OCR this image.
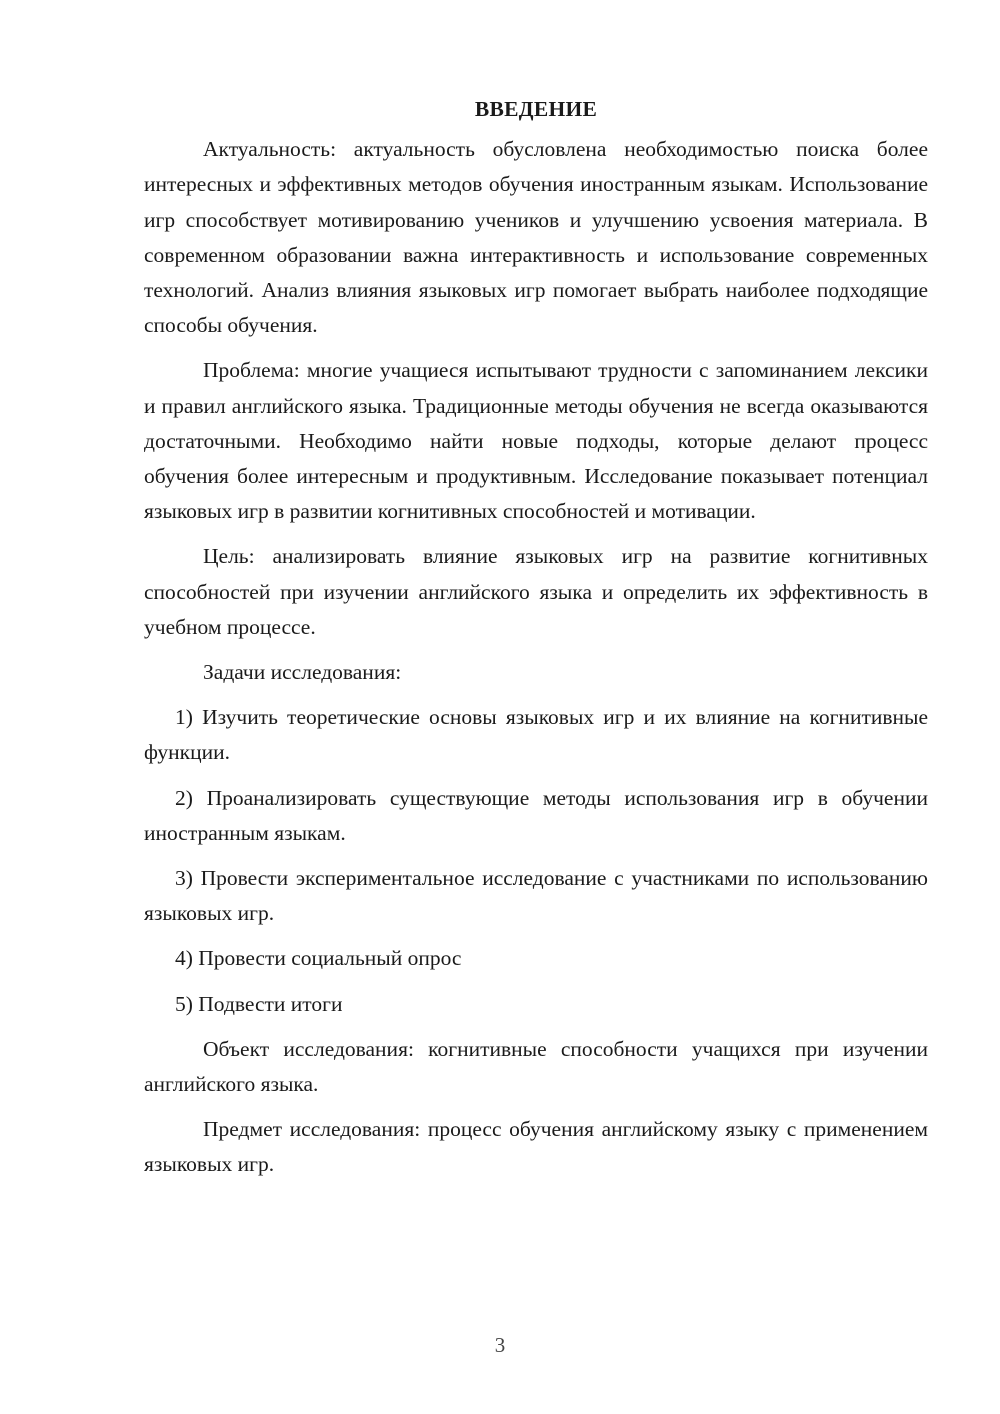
ВВЕДЕНИЕ

Актуальность: актуальность обусловлена необходимостью поиска более интересных и эффективных методов обучения иностранным языкам. Использование игр способствует мотивированию учеников и улучшению усвоения материала. В современном образовании важна интерактивность и использование современных технологий. Анализ влияния языковых игр помогает выбрать наиболее подходящие способы обучения.

Проблема: многие учащиеся испытывают трудности с запоминанием лексики и правил английского языка. Традиционные методы обучения не всегда оказываются достаточными. Необходимо найти новые подходы, которые делают процесс обучения более интересным и продуктивным. Исследование показывает потенциал языковых игр в развитии когнитивных способностей и мотивации.

Цель: анализировать влияние языковых игр на развитие когнитивных способностей при изучении английского языка и определить их эффективность в учебном процессе.

Задачи исследования:

1) Изучить теоретические основы языковых игр и их влияние на когнитивные функции.

2) Проанализировать существующие методы использования игр в обучении иностранным языкам.

3) Провести экспериментальное исследование с участниками по использованию языковых игр.

4) Провести социальный опрос

5) Подвести итоги

Объект исследования: когнитивные способности учащихся при изучении английского языка.

Предмет исследования: процесс обучения английскому языку с применением языковых игр.

3
